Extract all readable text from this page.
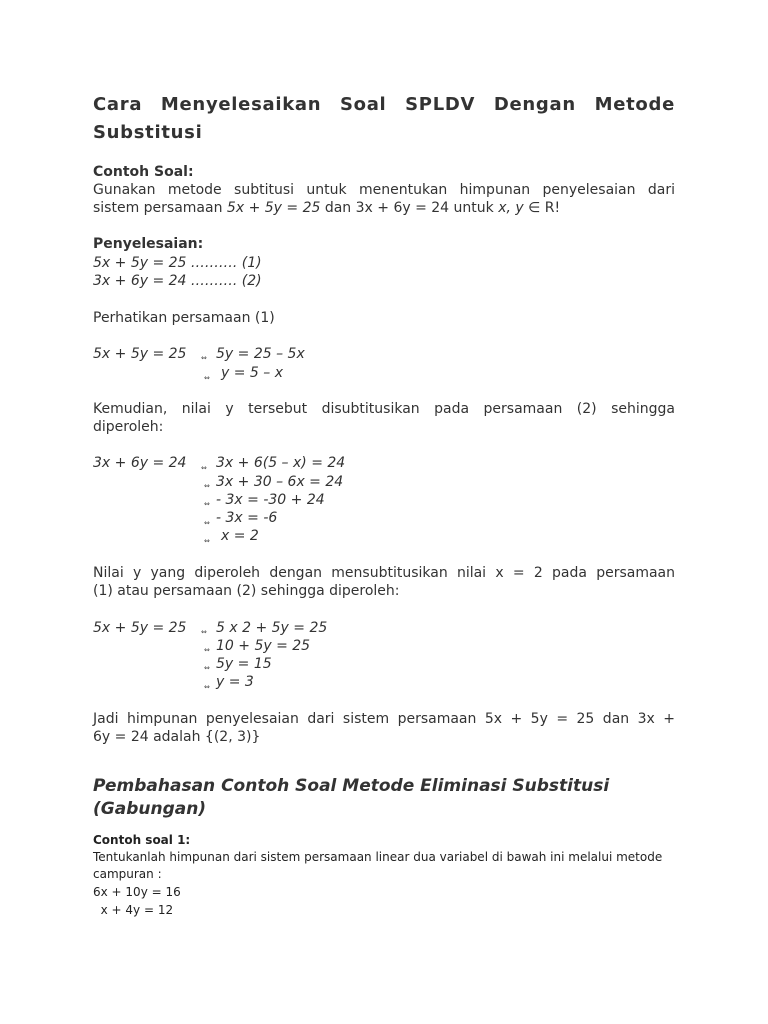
Cara Menyelesaikan Soal SPLDV Dengan Metode Substitusi
Contoh Soal:
Gunakan metode subtitusi untuk menentukan himpunan penyelesaian dari
sistem persamaan 5x + 5y = 25 dan 3x + 6y = 24 untuk x, y ∈ R!
Penyelesaian:
5x + 5y = 25 ………. (1)
3x + 6y = 24 ………. (2)
Perhatikan persamaan (1)
5x + 5y = 25 ⇔ 5y = 25 – 5x
⇔ y = 5 – x
Kemudian, nilai y tersebut disubtitusikan pada persamaan (2) sehingga
diperoleh:
3x + 6y = 24 ⇔ 3x + 6(5 – x) = 24
⇔ 3x + 30 – 6x = 24
⇔ - 3x = -30 + 24
⇔ - 3x = -6
⇔ x = 2
Nilai y yang diperoleh dengan mensubtitusikan nilai x = 2 pada persamaan
(1) atau persamaan (2) sehingga diperoleh:
5x + 5y = 25 ⇔ 5 x 2 + 5y = 25
⇔ 10 + 5y = 25
⇔ 5y = 15
⇔ y = 3
Jadi himpunan penyelesaian dari sistem persamaan 5x + 5y = 25 dan 3x +
6y = 24 adalah {(2, 3)}
Pembahasan Contoh Soal Metode Eliminasi Substitusi (Gabungan)
Contoh soal 1:
Tentukanlah himpunan dari sistem persamaan linear dua variabel di bawah ini melalui metode
campuran :
6x + 10y = 16
x + 4y = 12
